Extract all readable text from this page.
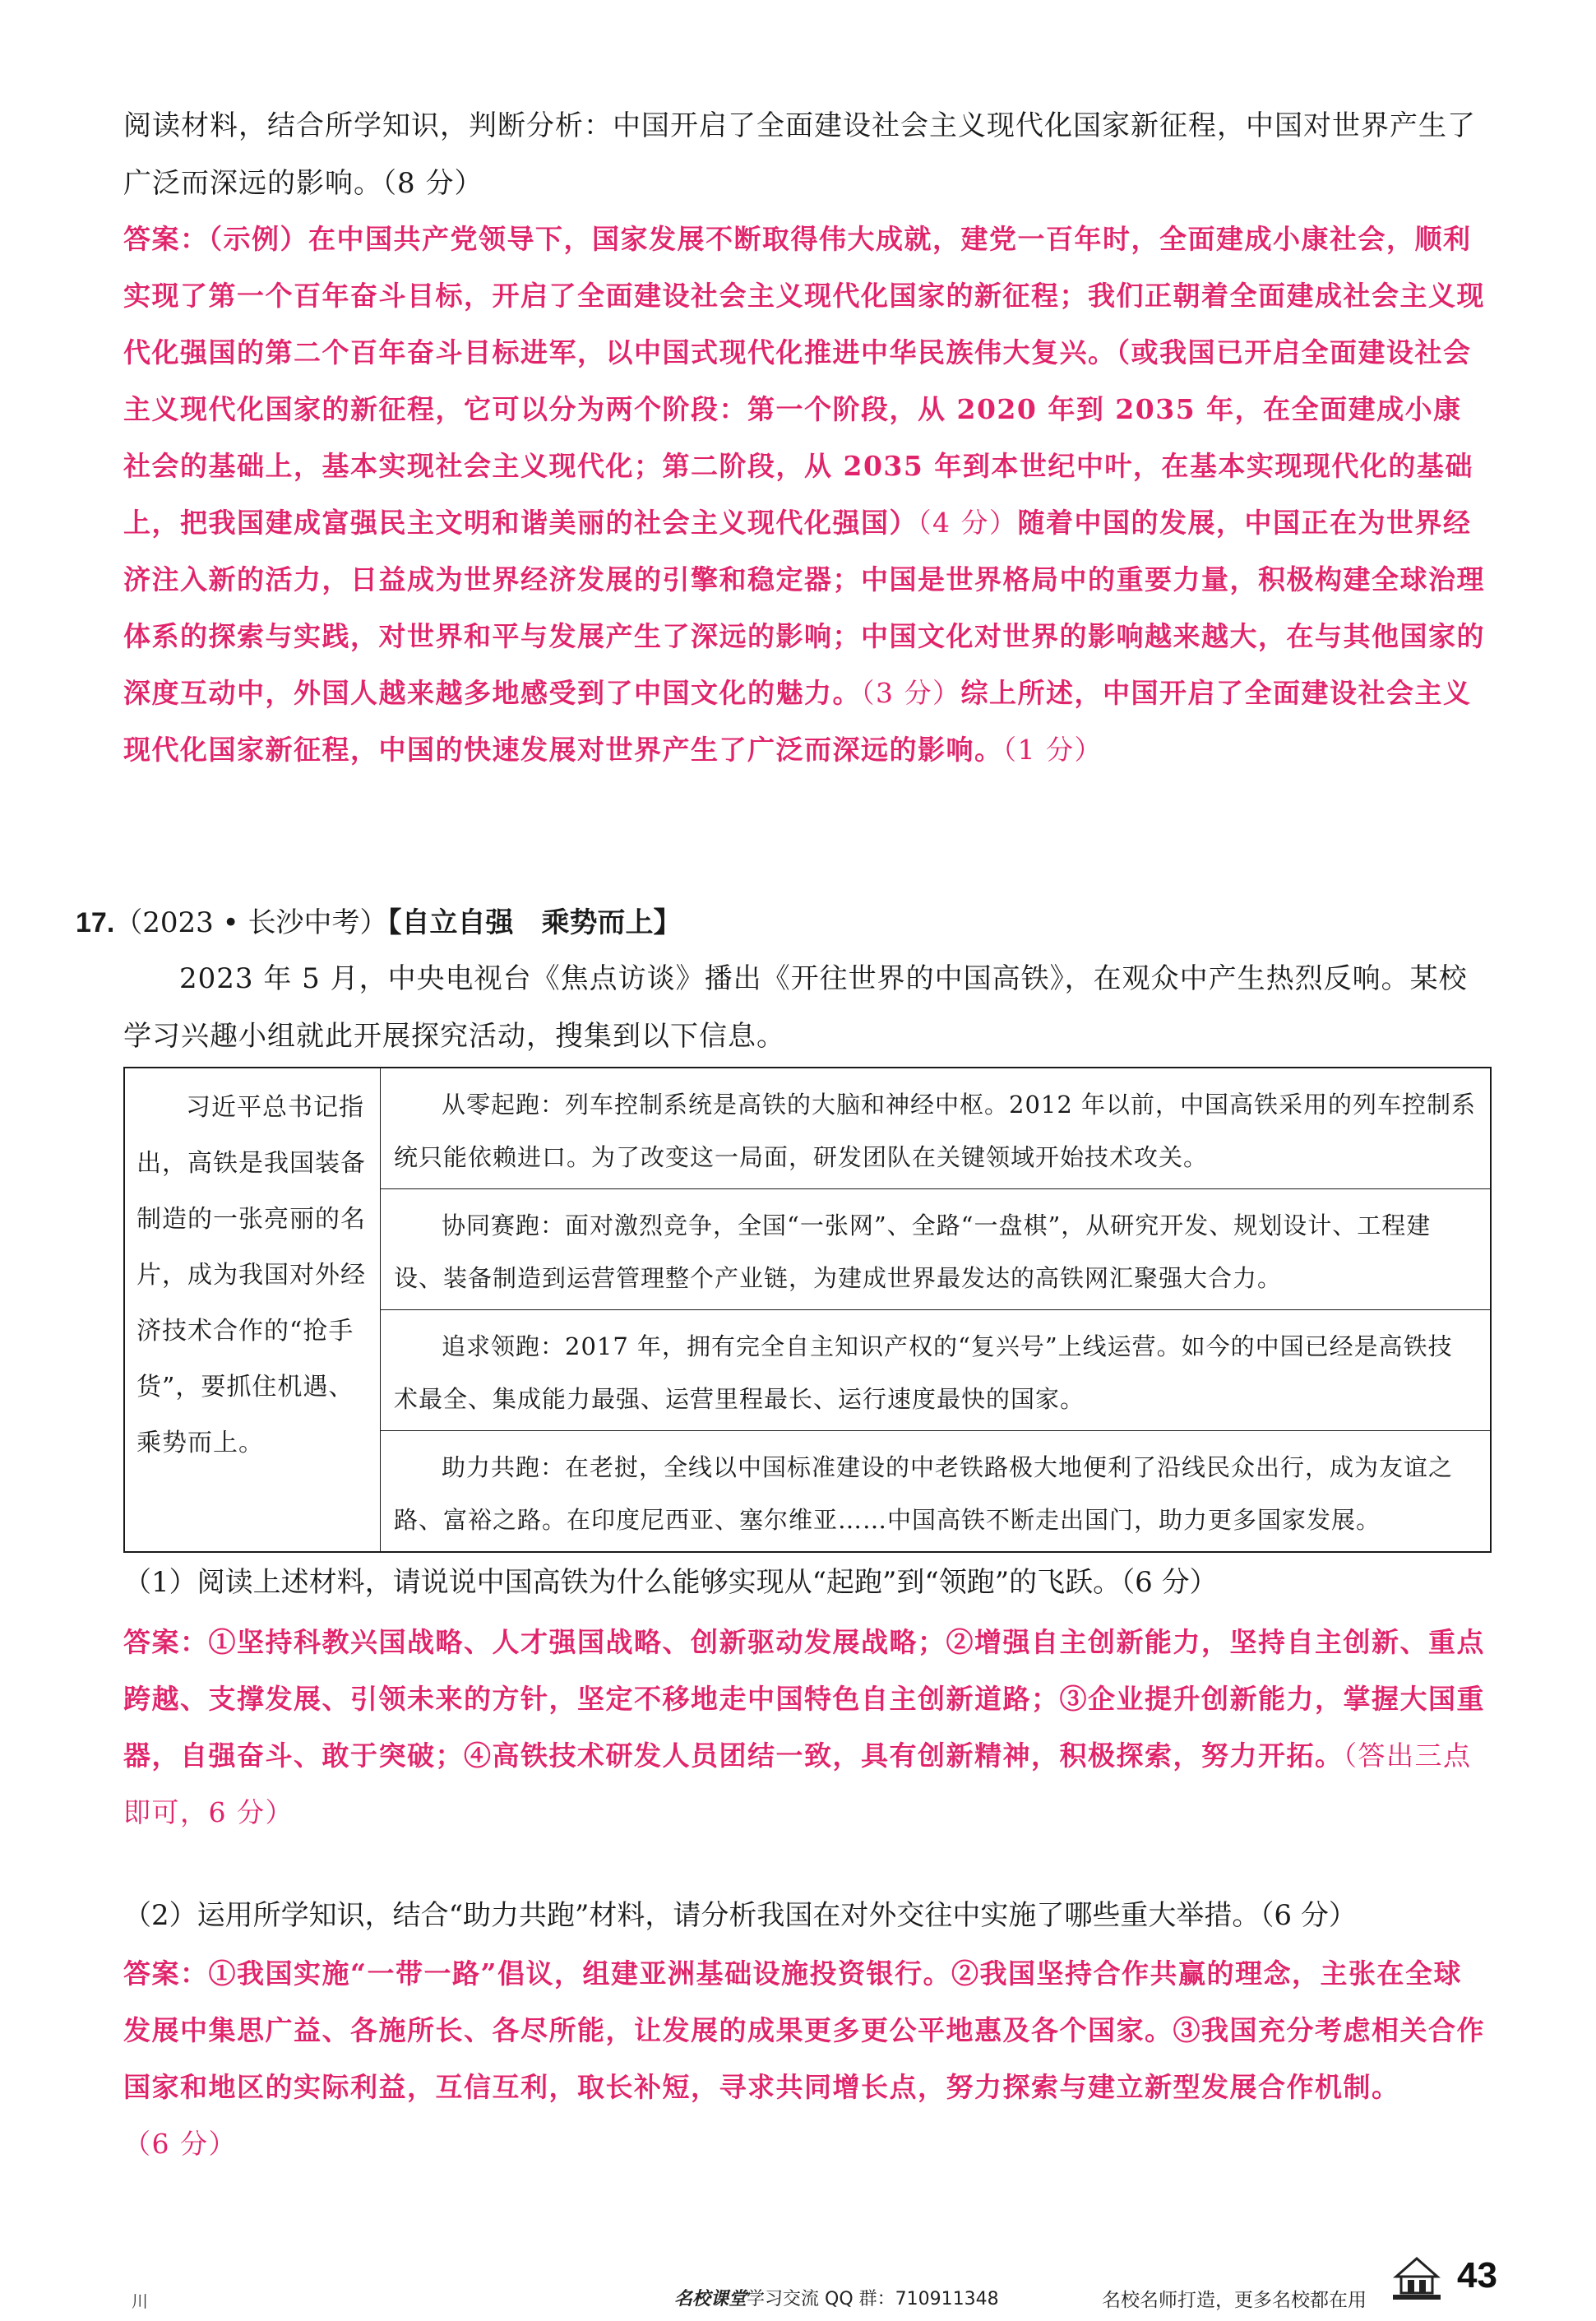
阅读材料，结合所学知识，判断分析：中国开启了全面建设社会主义现代化国家新征程，中国对世界产生了广泛而深远的影响。（8 分）
答案：（示例）在中国共产党领导下，国家发展不断取得伟大成就，建党一百年时，全面建成小康社会，顺利实现了第一个百年奋斗目标，开启了全面建设社会主义现代化国家的新征程；我们正朝着全面建成社会主义现代化强国的第二个百年奋斗目标进军，以中国式现代化推进中华民族伟大复兴。（或我国已开启全面建设社会主义现代化国家的新征程，它可以分为两个阶段：第一个阶段，从 2020 年到 2035 年，在全面建成小康社会的基础上，基本实现社会主义现代化；第二阶段，从 2035 年到本世纪中叶，在基本实现现代化的基础上，把我国建成富强民主文明和谐美丽的社会主义现代化强国）（4 分）随着中国的发展，中国正在为世界经济注入新的活力，日益成为世界经济发展的引擎和稳定器；中国是世界格局中的重要力量，积极构建全球治理体系的探索与实践，对世界和平与发展产生了深远的影响；中国文化对世界的影响越来越大，在与其他国家的深度互动中，外国人越来越多地感受到了中国文化的魅力。（3 分）综上所述，中国开启了全面建设社会主义现代化国家新征程，中国的快速发展对世界产生了广泛而深远的影响。（1 分）
17.（2023 • 长沙中考）【自立自强　乘势而上】
2023 年 5 月，中央电视台《焦点访谈》播出《开往世界的中国高铁》，在观众中产生热烈反响。某校学习兴趣小组就此开展探究活动，搜集到以下信息。
习近平总书记指出，高铁是我国装备制造的一张亮丽的名片，成为我国对外经济技术合作的“抢手货”，要抓住机遇、乘势而上。

从零起跑：列车控制系统是高铁的大脑和神经中枢。2012 年以前，中国高铁采用的列车控制系统只能依赖进口。为了改变这一局面，研发团队在关键领域开始技术攻关。

协同赛跑：面对激烈竞争，全国“一张网”、全路“一盘棋”，从研究开发、规划设计、工程建设、装备制造到运营管理整个产业链，为建成世界最发达的高铁网汇聚强大合力。

追求领跑：2017 年，拥有完全自主知识产权的“复兴号”上线运营。如今的中国已经是高铁技术最全、集成能力最强、运营里程最长、运行速度最快的国家。

助力共跑：在老挝，全线以中国标准建设的中老铁路极大地便利了沿线民众出行，成为友谊之路、富裕之路。在印度尼西亚、塞尔维亚……中国高铁不断走出国门，助力更多国家发展。
（1）阅读上述材料，请说说中国高铁为什么能够实现从“起跑”到“领跑”的飞跃。（6 分）
答案：①坚持科教兴国战略、人才强国战略、创新驱动发展战略；②增强自主创新能力，坚持自主创新、重点跨越、支撑发展、引领未来的方针，坚定不移地走中国特色自主创新道路；③企业提升创新能力，掌握大国重器，自强奋斗、敢于突破；④高铁技术研发人员团结一致，具有创新精神，积极探索，努力开拓。（答出三点即可，6 分）
（2）运用所学知识，结合“助力共跑”材料，请分析我国在对外交往中实施了哪些重大举措。（6 分）
答案：①我国实施“一带一路”倡议，组建亚洲基础设施投资银行。②我国坚持合作共赢的理念，主张在全球发展中集思广益、各施所长、各尽所能，让发展的成果更多更公平地惠及各个国家。③我国充分考虑相关合作国家和地区的实际利益，互信互利，取长补短，寻求共同增长点，努力探索与建立新型发展合作机制。（6 分）
川	名校课堂学习交流 QQ 群：710911348	名校名师打造，更多名校都在用
43
